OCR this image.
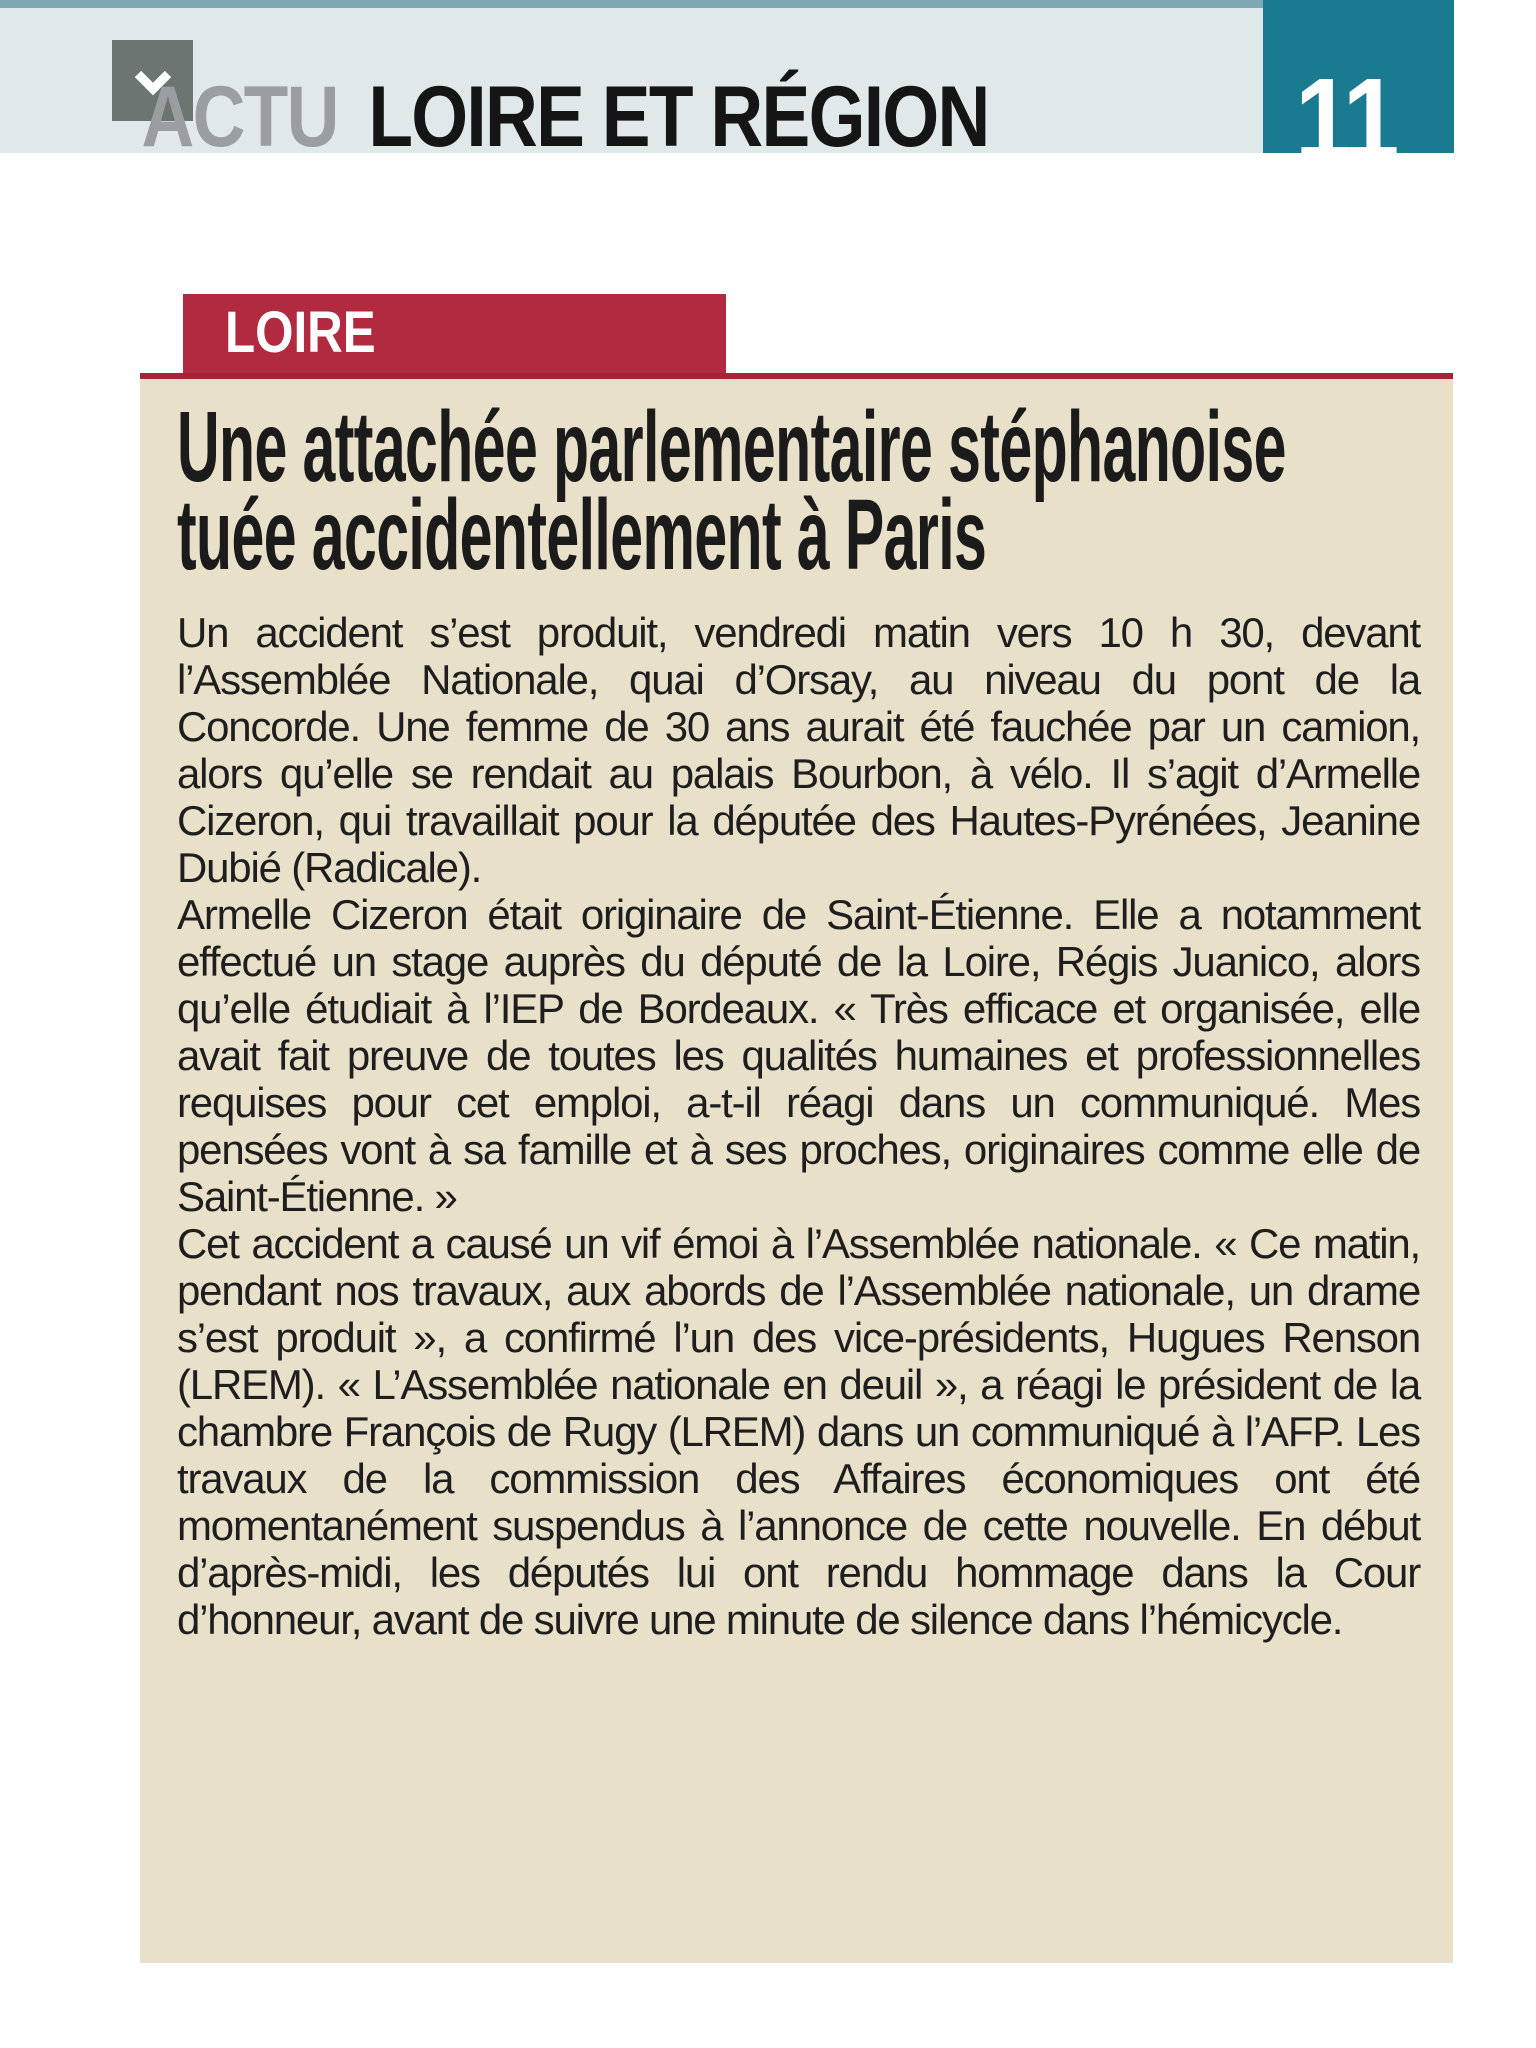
ACTU LOIRE ET RÉGION	11
LOIRE
Une attachée parlementaire stéphanoise
tuée accidentellement à Paris

Un accident s’est produit, vendredi matin vers 10 h 30, devant l’Assemblée Nationale, quai d’Orsay, au niveau du pont de la Concorde. Une femme de 30 ans aurait été fauchée par un camion, alors qu’elle se rendait au palais Bourbon, à vélo. Il s’agit d’Armelle Cizeron, qui travaillait pour la députée des Hautes-Pyrénées, Jeanine Dubié (Radicale).

Armelle Cizeron était originaire de Saint-Étienne. Elle a notamment effectué un stage auprès du député de la Loire, Régis Juanico, alors qu’elle étudiait à l’IEP de Bordeaux. « Très efficace et organisée, elle avait fait preuve de toutes les qualités humaines et professionnelles requises pour cet emploi, a-t-il réagi dans un communiqué. Mes pensées vont à sa famille et à ses proches, originaires comme elle de Saint-Étienne. »

Cet accident a causé un vif émoi à l’Assemblée nationale. « Ce matin, pendant nos travaux, aux abords de l’Assemblée nationale, un drame s’est produit », a confirmé l’un des vice-présidents, Hugues Renson (LREM). « L’Assemblée nationale en deuil », a réagi le président de la chambre François de Rugy (LREM) dans un communiqué à l’AFP. Les travaux de la commission des Affaires économiques ont été momentanément suspendus à l’annonce de cette nouvelle. En début d’après-midi, les députés lui ont rendu hommage dans la Cour d’honneur, avant de suivre une minute de silence dans l’hémicycle.
